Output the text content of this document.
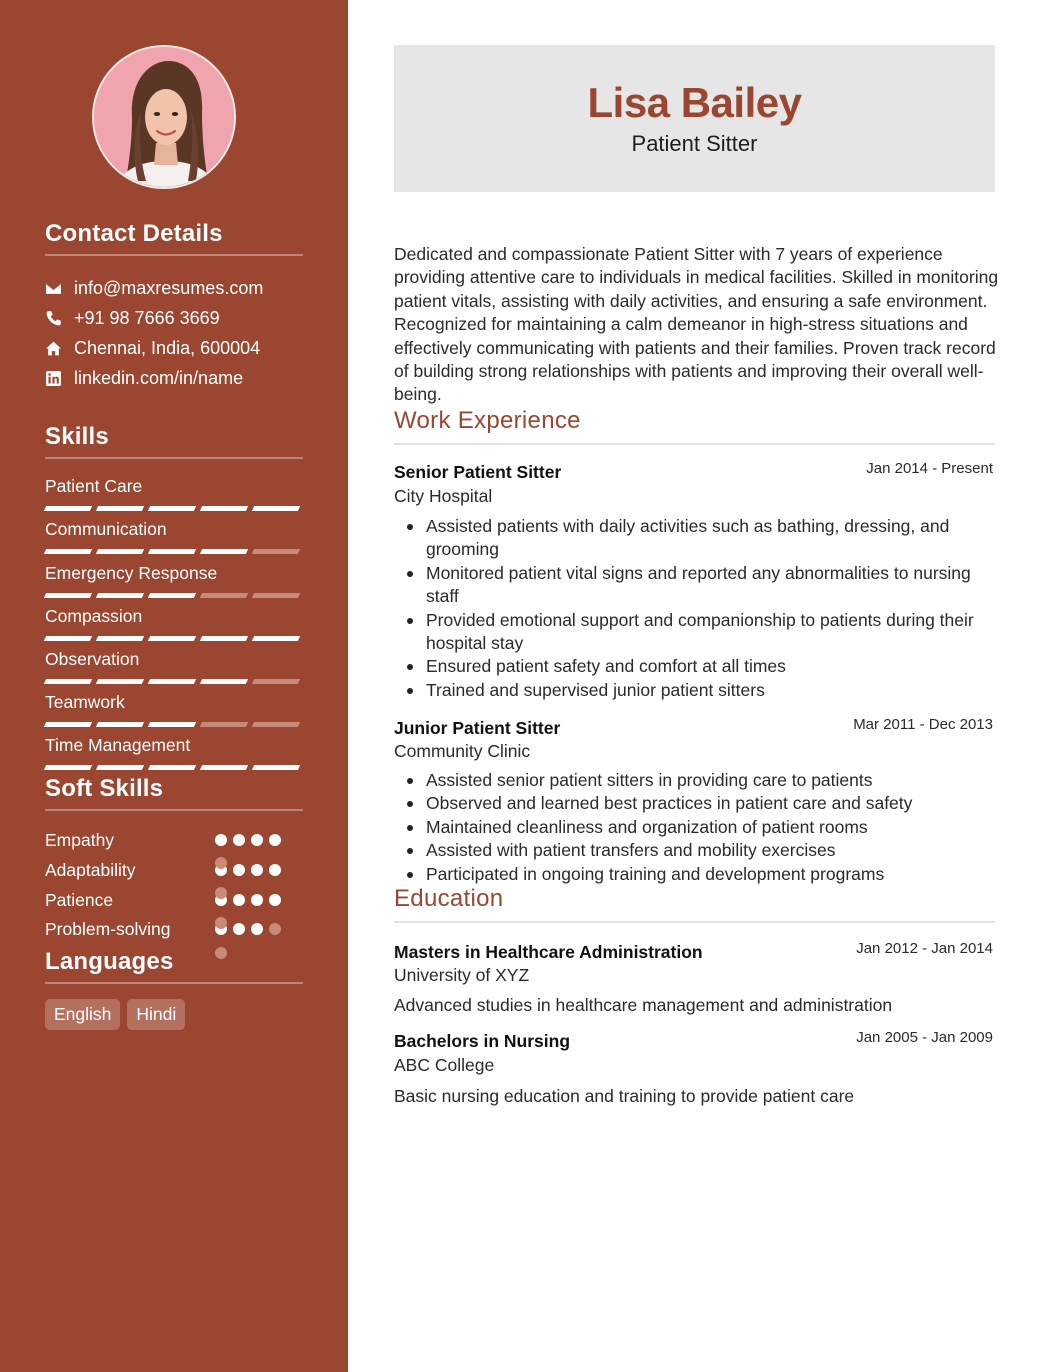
Contact Details
info@maxresumes.com
+91 98 7666 3669
Chennai, India, 600004
linkedin.com/in/name
Skills
Patient Care
Communication
Emergency Response
Compassion
Observation
Teamwork
Time Management
Soft Skills
Empathy
Adaptability
Patience
Problem-solving
Languages
English	Hindi
Lisa Bailey
Patient Sitter
Dedicated and compassionate Patient Sitter with 7 years of experience providing attentive care to individuals in medical facilities. Skilled in monitoring patient vitals, assisting with daily activities, and ensuring a safe environment. Recognized for maintaining a calm demeanor in high-stress situations and effectively communicating with patients and their families. Proven track record of building strong relationships with patients and improving their overall well-being.
Work Experience
Senior Patient Sitter	Jan 2014 - Present
City Hospital
Assisted patients with daily activities such as bathing, dressing, and grooming
Monitored patient vital signs and reported any abnormalities to nursing staff
Provided emotional support and companionship to patients during their hospital stay
Ensured patient safety and comfort at all times
Trained and supervised junior patient sitters
Junior Patient Sitter	Mar 2011 - Dec 2013
Community Clinic
Assisted senior patient sitters in providing care to patients
Observed and learned best practices in patient care and safety
Maintained cleanliness and organization of patient rooms
Assisted with patient transfers and mobility exercises
Participated in ongoing training and development programs
Education
Masters in Healthcare Administration	Jan 2012 - Jan 2014
University of XYZ
Advanced studies in healthcare management and administration
Bachelors in Nursing	Jan 2005 - Jan 2009
ABC College
Basic nursing education and training to provide patient care
